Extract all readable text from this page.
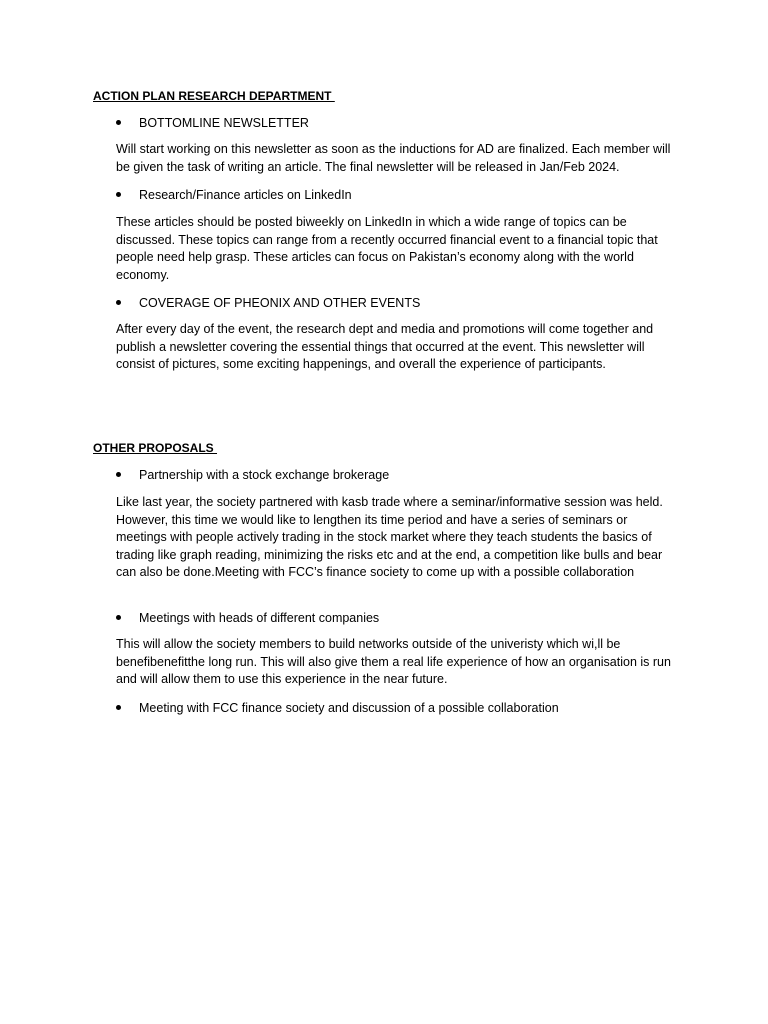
ACTION PLAN RESEARCH DEPARTMENT
BOTTOMLINE NEWSLETTER

Will start working on this newsletter as soon as the inductions for AD are finalized. Each member will be given the task of writing an article. The final newsletter will be released in Jan/Feb 2024.

Research/Finance articles on LinkedIn

These articles should be posted biweekly on LinkedIn in which a wide range of topics can be discussed. These topics can range from a recently occurred financial event to a financial topic that people need help grasp. These articles can focus on Pakistan’s economy along with the world economy.

COVERAGE OF PHEONIX AND OTHER EVENTS

After every day of the event, the research dept and media and promotions will come together and publish a newsletter covering the essential things that occurred at the event. This newsletter will consist of pictures, some exciting happenings, and overall the experience of participants.

OTHER PROPOSALS
Partnership with a stock exchange brokerage

Like last year, the society partnered with kasb trade where a seminar/informative session was held. However, this time we would like to lengthen its time period and have a series of seminars or meetings with people actively trading in the stock market where they teach students the basics of trading like graph reading, minimizing the risks etc and at the end, a competition like bulls and bear can also be done.Meeting with FCC’s finance society to come up with a possible collaboration

Meetings with heads of different companies

This will allow the society members to build networks outside of the univeristy which wi,ll be benefibenefitthe long run. This will also give them a real life experience of how an organisation is run and will allow them to use this experience in the near future.

Meeting with FCC finance society and discussion of a possible collaboration
